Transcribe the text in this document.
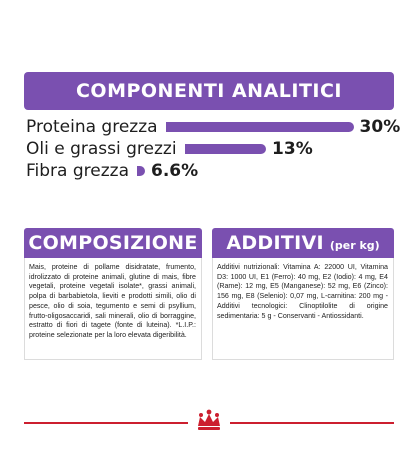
COMPONENTI ANALITICI
Proteina grezza	30%
Oli e grassi grezzi	13%
Fibra grezza 6.6%
COMPOSIZIONE
Mais, proteine di pollame disidratate, frumento, idrolizzato di proteine animali, glutine di mais, fibre vegetali, proteine vegetali isolate*, grassi animali, polpa di barbabietola, lieviti e prodotti simili, olio di pesce, olio di soia, tegumento e semi di psyllium, frutto-oligosaccaridi, sali minerali, olio di borraggine, estratto di fiori di tagete (fonte di luteina). *L.I.P.: proteine selezionate per la loro elevata digeribilità.
ADDITIVI (per kg)
Additivi nutrizionali: Vitamina A: 22000 UI, Vitamina D3: 1000 UI, E1 (Ferro): 40 mg, E2 (Iodio): 4 mg, E4 (Rame): 12 mg, E5 (Manganese): 52 mg, E6 (Zinco): 156 mg, E8 (Selenio): 0,07 mg, L-carnitina: 200 mg - Additivi tecnologici: Clinoptilolite di origine sedimentaria: 5 g - Conservanti - Antiossidanti.
